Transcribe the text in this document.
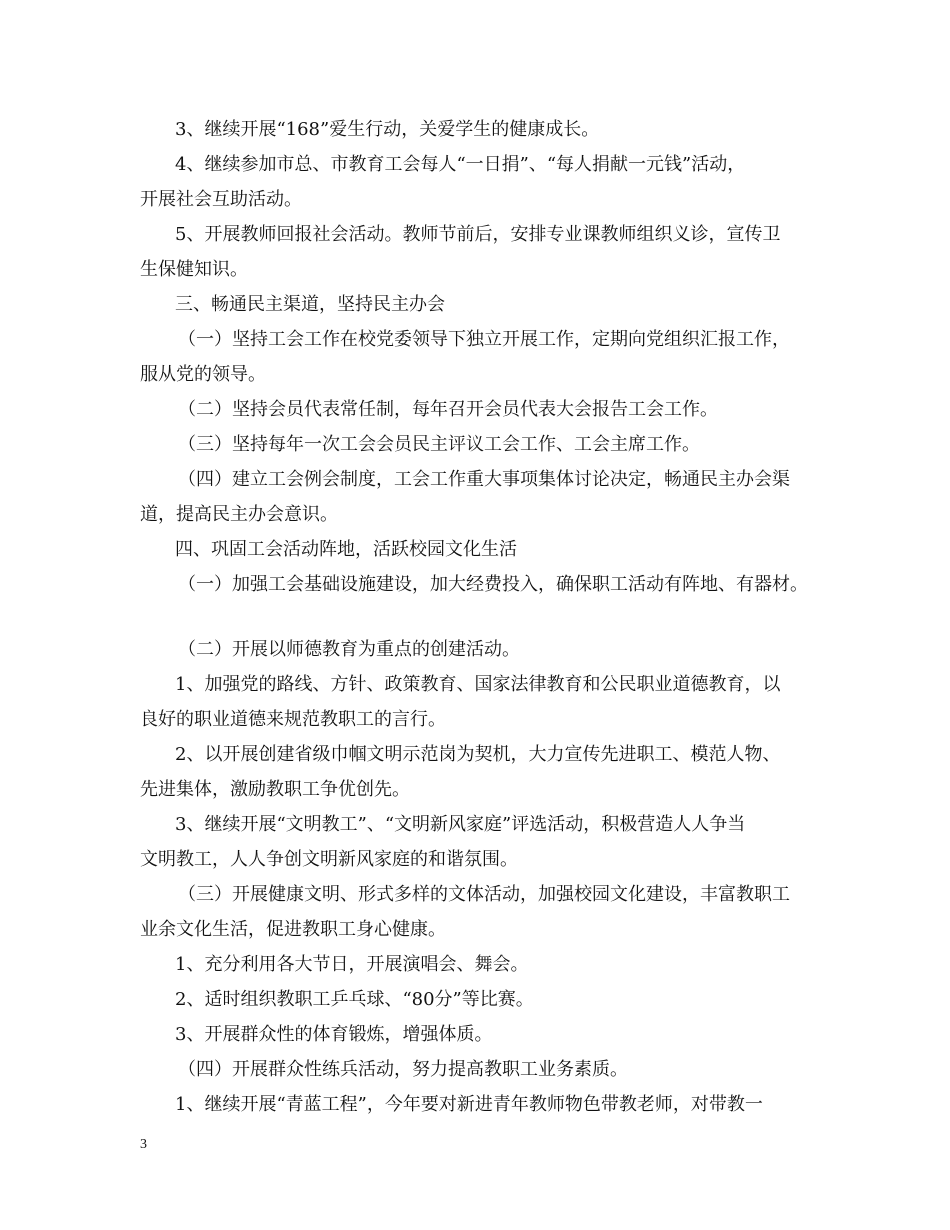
3、继续开展“168”爱生行动，关爱学生的健康成长。
4、继续参加市总、市教育工会每人“一日捐”、“每人捐献一元钱”活动，
开展社会互助活动。
5、开展教师回报社会活动。教师节前后，安排专业课教师组织义诊，宣传卫
生保健知识。
三、畅通民主渠道，坚持民主办会
（一）坚持工会工作在校党委领导下独立开展工作，定期向党组织汇报工作，
服从党的领导。
（二）坚持会员代表常任制，每年召开会员代表大会报告工会工作。
（三）坚持每年一次工会会员民主评议工会工作、工会主席工作。
（四）建立工会例会制度，工会工作重大事项集体讨论决定，畅通民主办会渠
道，提高民主办会意识。
四、巩固工会活动阵地，活跃校园文化生活
（一）加强工会基础设施建设，加大经费投入，确保职工活动有阵地、有器材。
（二）开展以师德教育为重点的创建活动。
1、加强党的路线、方针、政策教育、国家法律教育和公民职业道德教育，以
良好的职业道德来规范教职工的言行。
2、以开展创建省级巾帼文明示范岗为契机，大力宣传先进职工、模范人物、
先进集体，激励教职工争优创先。
3、继续开展“文明教工”、“文明新风家庭”评选活动，积极营造人人争当
文明教工，人人争创文明新风家庭的和谐氛围。
（三）开展健康文明、形式多样的文体活动，加强校园文化建设，丰富教职工
业余文化生活，促进教职工身心健康。
1、充分利用各大节日，开展演唱会、舞会。
2、适时组织教职工乒乓球、“80分”等比赛。
3、开展群众性的体育锻炼，增强体质。
（四）开展群众性练兵活动，努力提高教职工业务素质。
1、继续开展“青蓝工程”，今年要对新进青年教师物色带教老师，对带教一
3
